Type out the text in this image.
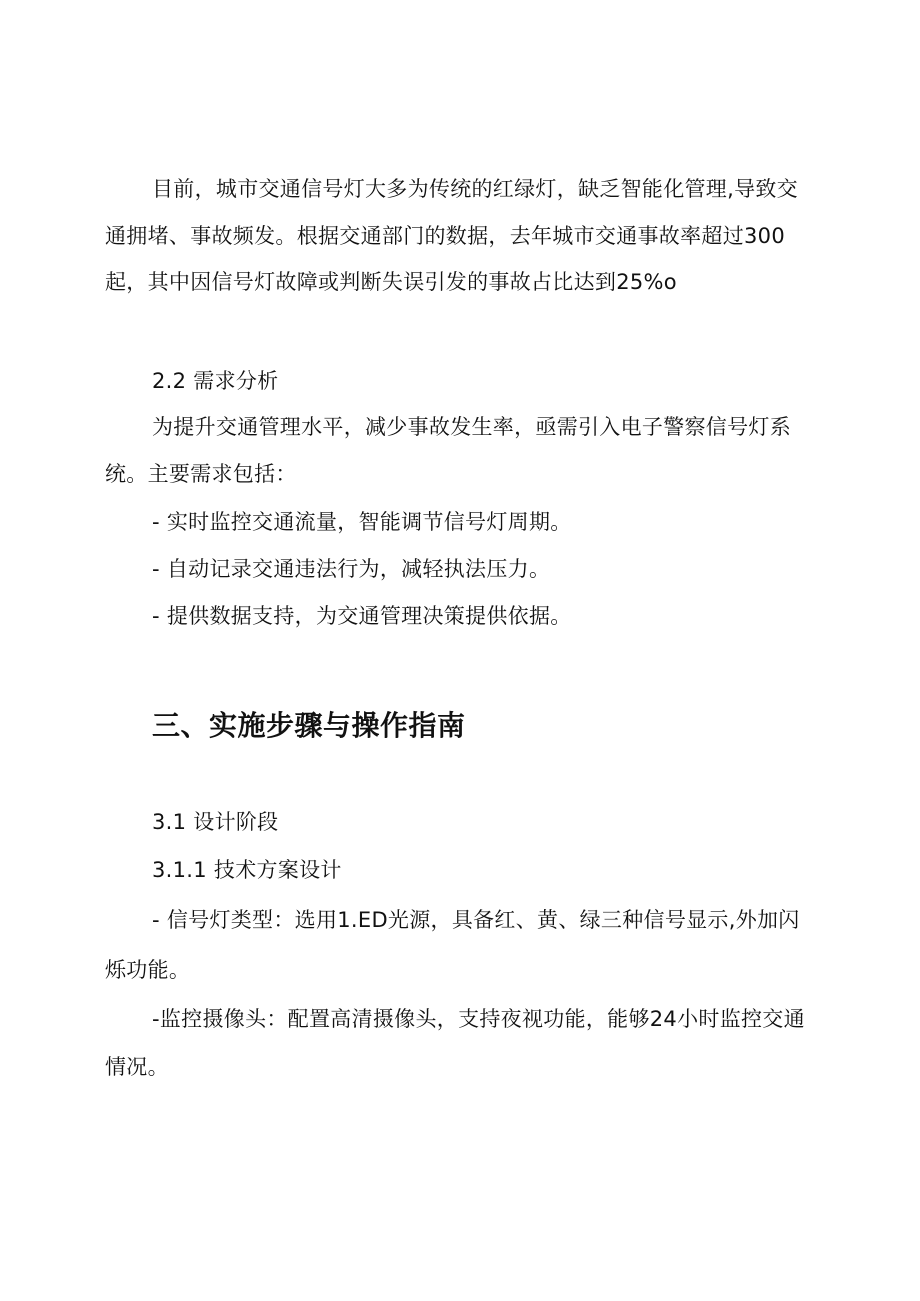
目前，城市交通信号灯大多为传统的红绿灯，缺乏智能化管理,导致交

通拥堵、事故频发。根据交通部门的数据，去年城市交通事故率超过300

起，其中因信号灯故障或判断失误引发的事故占比达到25%o

2.2 需求分析

为提升交通管理水平，减少事故发生率，亟需引入电子警察信号灯系

统。主要需求包括：

- 实时监控交通流量，智能调节信号灯周期。

- 自动记录交通违法行为，减轻执法压力。

- 提供数据支持，为交通管理决策提供依据。

三、实施步骤与操作指南

3.1 设计阶段

3.1.1 技术方案设计

- 信号灯类型：选用1.ED光源，具备红、黄、绿三种信号显示,外加闪

烁功能。

-监控摄像头：配置高清摄像头，支持夜视功能，能够24小时监控交通

情况。
